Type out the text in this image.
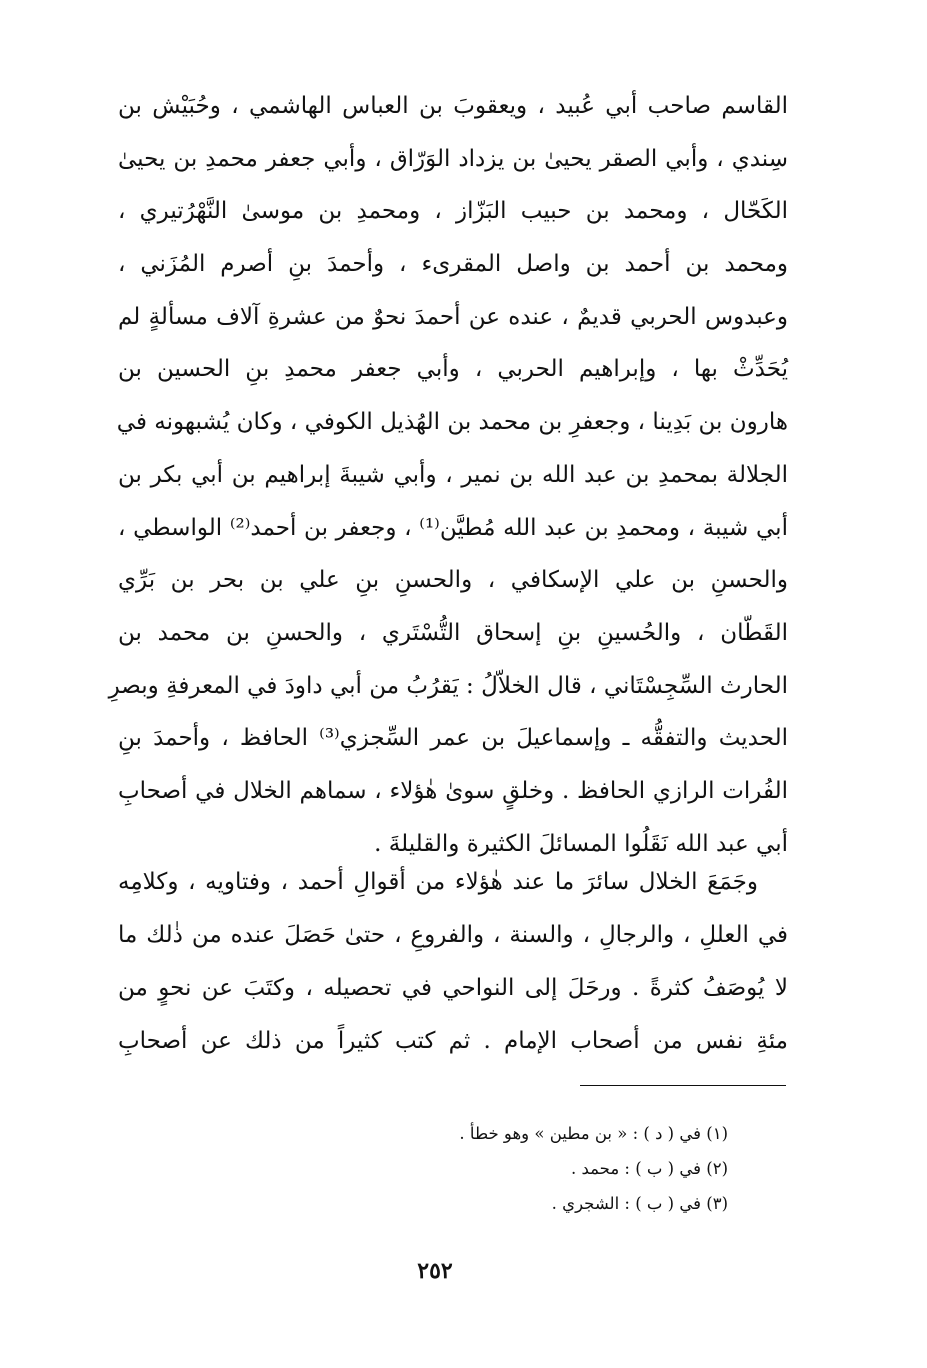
القاسم صاحب أبي عُبيد ، ويعقوبَ بن العباس الهاشمي ، وحُبَيْش بن
سِندي ، وأبي الصقر يحيىٰ بن يزداد الوَرّاق ، وأبي جعفر محمدِ بن يحيىٰ
الكَحّال ، ومحمد بن حبيب البَزّاز ، ومحمدِ بن موسىٰ النَّهْرُتيري ،
ومحمد بن أحمد بن واصل المقرىء ، وأحمدَ بنِ أصرم المُزَني ،
وعبدوس الحربي قديمٌ ، عنده عن أحمدَ نحوٌ من عشرةِ آلاف مسألةٍ لم
يُحَدِّثْ بها ، وإبراهيم الحربي ، وأبي جعفر محمدِ بنِ الحسين بن
هارون بن بَدِينا ، وجعفرِ بن محمد بن الهُذيل الكوفي ، وكان يُشبهونه في
الجلالة بمحمدِ بن عبد الله بن نمير ، وأبي شيبةَ إبراهيم بن أبي بكر بن
أبي شيبة ، ومحمدِ بن عبد الله مُطيَّن⁽¹⁾ ، وجعفر بن أحمد⁽²⁾ الواسطي ،
والحسنِ بن علي الإسكافي ، والحسنِ بنِ علي بن بحر بن بَرِّي
القَطّان ، والحُسينِ بنِ إسحاق التُّسْتَري ، والحسنِ بن محمد بن
الحارث السِّجِسْتَاني ، قال الخلاّلُ : يَقرُبُ من أبي داودَ في المعرفةِ وبصرِ
الحديث والتفقُّه ـ وإسماعيلَ بن عمر السِّجزي⁽³⁾ الحافظ ، وأحمدَ بنِ
الفُرات الرازي الحافظ . وخلقٍ سوىٰ هٰؤلاء ، سماهم الخلال في أصحابِ
أبي عبد الله نَقَلُوا المسائلَ الكثيرة والقليلةَ .
وجَمَعَ الخلال سائرَ ما عند هٰؤلاء من أقوالِ أحمد ، وفتاويه ، وكلامِه
في العللِ ، والرجالِ ، والسنة ، والفروعِ ، حتىٰ حَصَلَ عنده من ذٰلك ما
لا يُوصَفُ كثرةً . ورحَلَ إلى النواحي في تحصيله ، وكتَبَ عن نحوٍ من
مئةِ نفس من أصحاب الإمام . ثم كتب كثيراً من ذلك عن أصحابِ
(١) في ( د ) : « بن مطين » وهو خطأ .
(٢) في ( ب ) : محمد .
(٣) في ( ب ) : الشجري .
٢٥٢
